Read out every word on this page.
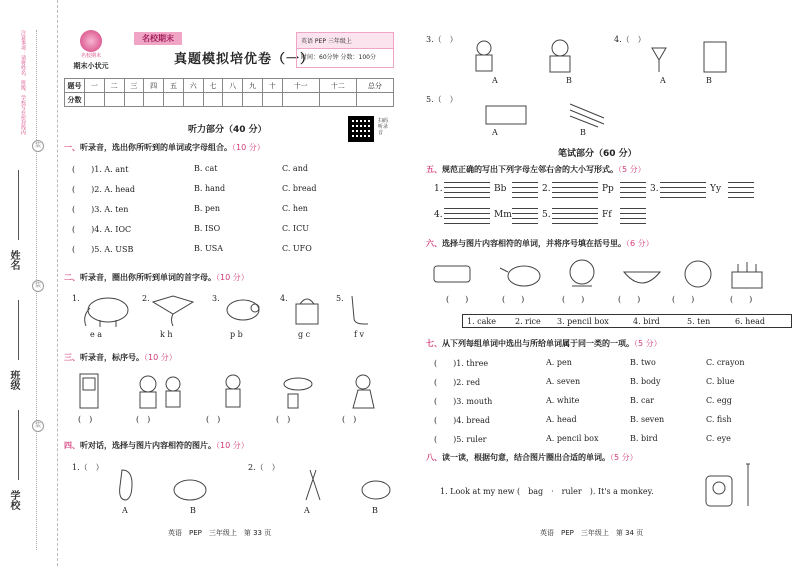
注意事项：请将姓名、班级、学校写在密封线内
姓名
班级
学校
装
装
装
名校期末
期末小状元
名校期末
真题模拟培优卷（一）
英语 PEP 三年级上
时间：60分钟 分数：100分
题号	一	二	三	四	五	六	七	八	九	十	十一	十二	总分
分数													
听力部分（40 分）
扫码听录音
一、听录音，选出你所听到的单词或字母组合。（10 分）
二、听录音，圈出你所听到单词的首字母。（10 分）
三、听录音，标序号。（10 分）
(　)	(　)	(　)	(　)	(　)
四、听对话，选择与图片内容相符的图片。（10 分）
1.（　）	2.（　）
A	B	A	B
英语　PEP　三年级上　第 33 页
(　　)1. A. ant	B. cat	C. and
(　　)2. A. head	B. hand	C. bread
(　　)3. A. ten	B. pen	C. hen
(　　)4. A. IOC	B. ISO	C. ICU
(　　)5. A. USB	B. USA	C. UFO
1.
e a
2.
k h
3.
p b
4.
g c
5.
f v
3.（　）	4.（　）
A	B	A	B
5.（　）
A	B
笔试部分（60 分）
五、规范正确的写出下列字母左邻右舍的大小写形式。（5 分）
六、选择与图片内容相符的单词，并将序号填在括号里。（6 分）
(　　)	(　　)	(　　)	(　　)	(　　)	(　　)
1. cake 2. rice 3. pencil box	4. bird	5. ten	6. head
七、从下列每组单词中选出与所给单词属于同一类的一项。（5 分）
八、读一读，根据句意，结合图片圈出合适的单词。（5 分）
1. Look at my new (　bag　·　ruler　). It's a monkey.
英语　PEP　三年级上　第 34 页
1.	Bb	2.	Pp	3.	Yy
4.	Mm	5.	Ff
(　　)1. three	A. pen	B. two	C. crayon
(　　)2. red	A. seven	B. body	C. blue
(　　)3. mouth	A. white	B. car	C. egg
(　　)4. bread	A. head	B. seven	C. fish
(　　)5. ruler	A. pencil box	B. bird	C. eye
